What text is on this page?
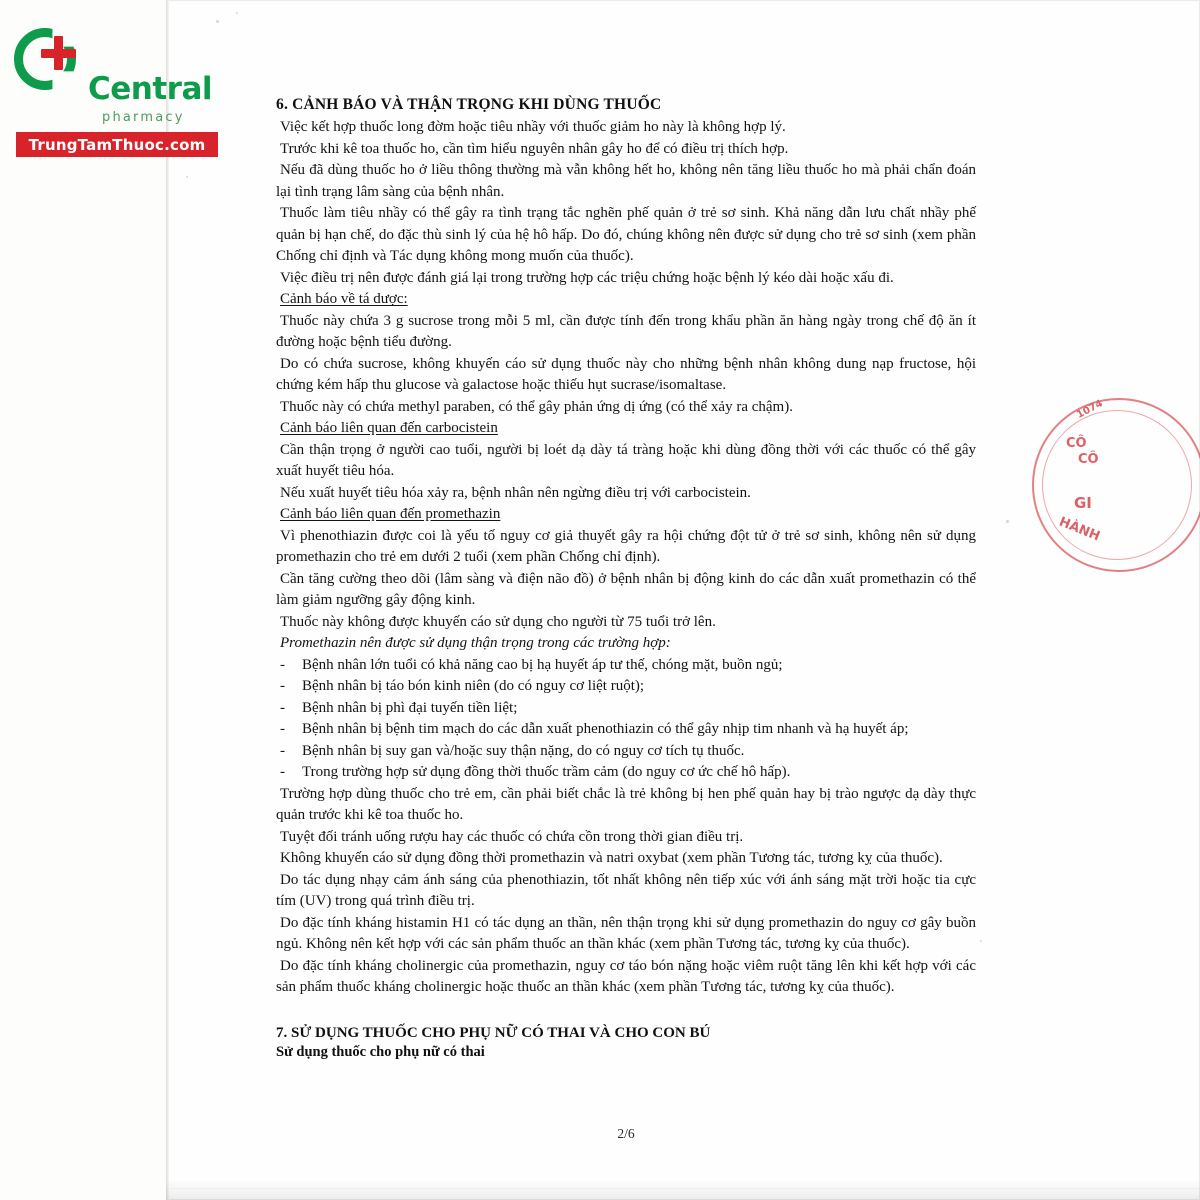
Central
pharmacy
TrungTamThuoc.com
1074
CÔ
CÔ
GI
HÀNH
6. CẢNH BÁO VÀ THẬN TRỌNG KHI DÙNG THUỐC

Việc kết hợp thuốc long đờm hoặc tiêu nhầy với thuốc giảm ho này là không hợp lý.

Trước khi kê toa thuốc ho, cần tìm hiểu nguyên nhân gây ho để có điều trị thích hợp.

Nếu đã dùng thuốc ho ở liều thông thường mà vẫn không hết ho, không nên tăng liều thuốc ho mà phải chẩn đoán lại tình trạng lâm sàng của bệnh nhân.

Thuốc làm tiêu nhầy có thể gây ra tình trạng tắc nghẽn phế quản ở trẻ sơ sinh. Khả năng dẫn lưu chất nhầy phế quản bị hạn chế, do đặc thù sinh lý của hệ hô hấp. Do đó, chúng không nên được sử dụng cho trẻ sơ sinh (xem phần Chống chỉ định và Tác dụng không mong muốn của thuốc).

Việc điều trị nên được đánh giá lại trong trường hợp các triệu chứng hoặc bệnh lý kéo dài hoặc xấu đi.

Cảnh báo về tá dược:

Thuốc này chứa 3 g sucrose trong mỗi 5 ml, cần được tính đến trong khẩu phần ăn hàng ngày trong chế độ ăn ít đường hoặc bệnh tiểu đường.

Do có chứa sucrose, không khuyến cáo sử dụng thuốc này cho những bệnh nhân không dung nạp fructose, hội chứng kém hấp thu glucose và galactose hoặc thiếu hụt sucrase/isomaltase.

Thuốc này có chứa methyl paraben, có thể gây phản ứng dị ứng (có thể xảy ra chậm).

Cảnh báo liên quan đến carbocistein

Cần thận trọng ở người cao tuổi, người bị loét dạ dày tá tràng hoặc khi dùng đồng thời với các thuốc có thể gây xuất huyết tiêu hóa.

Nếu xuất huyết tiêu hóa xảy ra, bệnh nhân nên ngừng điều trị với carbocistein.

Cảnh báo liên quan đến promethazin

Vì phenothiazin được coi là yếu tố nguy cơ giả thuyết gây ra hội chứng đột tử ở trẻ sơ sinh, không nên sử dụng promethazin cho trẻ em dưới 2 tuổi (xem phần Chống chỉ định).

Cần tăng cường theo dõi (lâm sàng và điện não đồ) ở bệnh nhân bị động kinh do các dẫn xuất promethazin có thể làm giảm ngưỡng gây động kinh.

Thuốc này không được khuyến cáo sử dụng cho người từ 75 tuổi trở lên.

Promethazin nên được sử dụng thận trọng trong các trường hợp:

- Bệnh nhân lớn tuổi có khả năng cao bị hạ huyết áp tư thế, chóng mặt, buồn ngủ;
- Bệnh nhân bị táo bón kinh niên (do có nguy cơ liệt ruột);
- Bệnh nhân bị phì đại tuyến tiền liệt;
- Bệnh nhân bị bệnh tim mạch do các dẫn xuất phenothiazin có thể gây nhịp tim nhanh và hạ huyết áp;
- Bệnh nhân bị suy gan và/hoặc suy thận nặng, do có nguy cơ tích tụ thuốc.
- Trong trường hợp sử dụng đồng thời thuốc trầm cảm (do nguy cơ ức chế hô hấp).

Trường hợp dùng thuốc cho trẻ em, cần phải biết chắc là trẻ không bị hen phế quản hay bị trào ngược dạ dày thực quản trước khi kê toa thuốc ho.

Tuyệt đối tránh uống rượu hay các thuốc có chứa cồn trong thời gian điều trị.

Không khuyến cáo sử dụng đồng thời promethazin và natri oxybat (xem phần Tương tác, tương kỵ của thuốc).

Do tác dụng nhạy cảm ánh sáng của phenothiazin, tốt nhất không nên tiếp xúc với ánh sáng mặt trời hoặc tia cực tím (UV) trong quá trình điều trị.

Do đặc tính kháng histamin H1 có tác dụng an thần, nên thận trọng khi sử dụng promethazin do nguy cơ gây buồn ngủ. Không nên kết hợp với các sản phẩm thuốc an thần khác (xem phần Tương tác, tương kỵ của thuốc).

Do đặc tính kháng cholinergic của promethazin, nguy cơ táo bón nặng hoặc viêm ruột tăng lên khi kết hợp với các sản phẩm thuốc kháng cholinergic hoặc thuốc an thần khác (xem phần Tương tác, tương kỵ của thuốc).

7. SỬ DỤNG THUỐC CHO PHỤ NỮ CÓ THAI VÀ CHO CON BÚ
Sử dụng thuốc cho phụ nữ có thai
2/6
